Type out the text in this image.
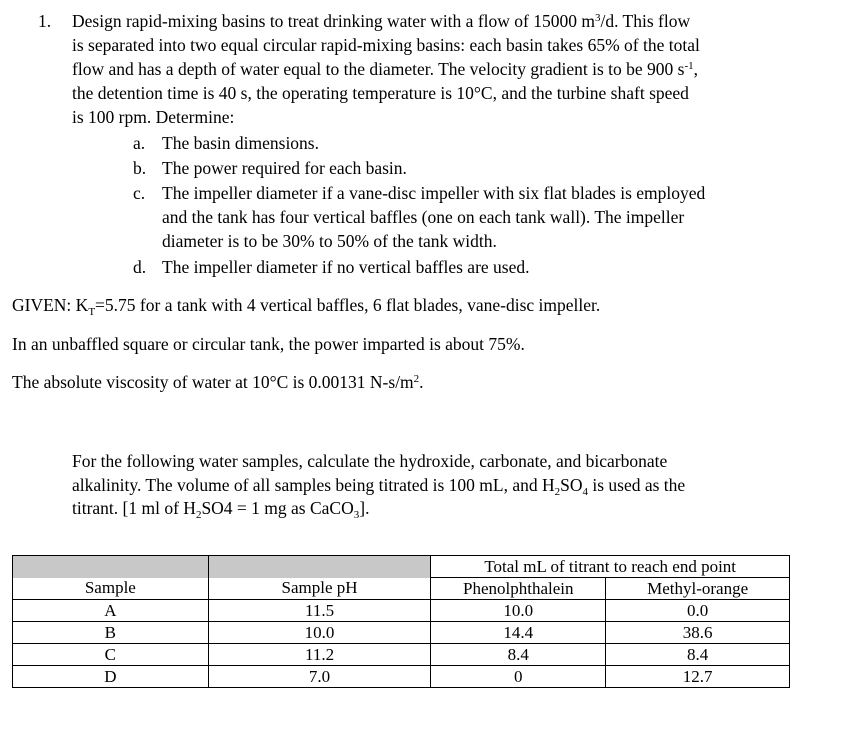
1. Design rapid-mixing basins to treat drinking water with a flow of 15000 $m^3/d$. This flow
is separated into two equal circular rapid-mixing basins: each basin takes 65% of the total
flow and has a depth of water equal to the diameter. The velocity gradient is to be 900 $s^{-1}$,
the detention time is 40 s, the operating temperature is 10°C, and the turbine shaft speed
is 100 rpm. Determine:
a. The basin dimensions.
b. The power required for each basin.
c. The impeller diameter if a vane-disc impeller with six flat blades is employed
and the tank has four vertical baffles (one on each tank wall). The impeller
diameter is to be 30% to 50% of the tank width.
d. The impeller diameter if no vertical baffles are used.
GIVEN: $K_T=5.75$ for a tank with 4 vertical baffles, 6 flat blades, vane-disc impeller.
In an unbaffled square or circular tank, the power imparted is about 75%.
The absolute viscosity of water at 10°C is 0.00131 $N-s/m^2$.
For the following water samples, calculate the hydroxide, carbonate, and bicarbonate
alkalinity. The volume of all samples being titrated is 100 mL, and $H_2SO_4$ is used as the
titrant. [1 ml of $H_2SO4 = 1$ mg as CaCO$_3$].
		Total mL of titrant to reach end point	
Sample	Sample pH	Phenolphthalein	Methyl-orange
A	11.5	10.0	0.0
B	10.0	14.4	38.6
C	11.2	8.4	8.4
D	7.0	0	12.7
